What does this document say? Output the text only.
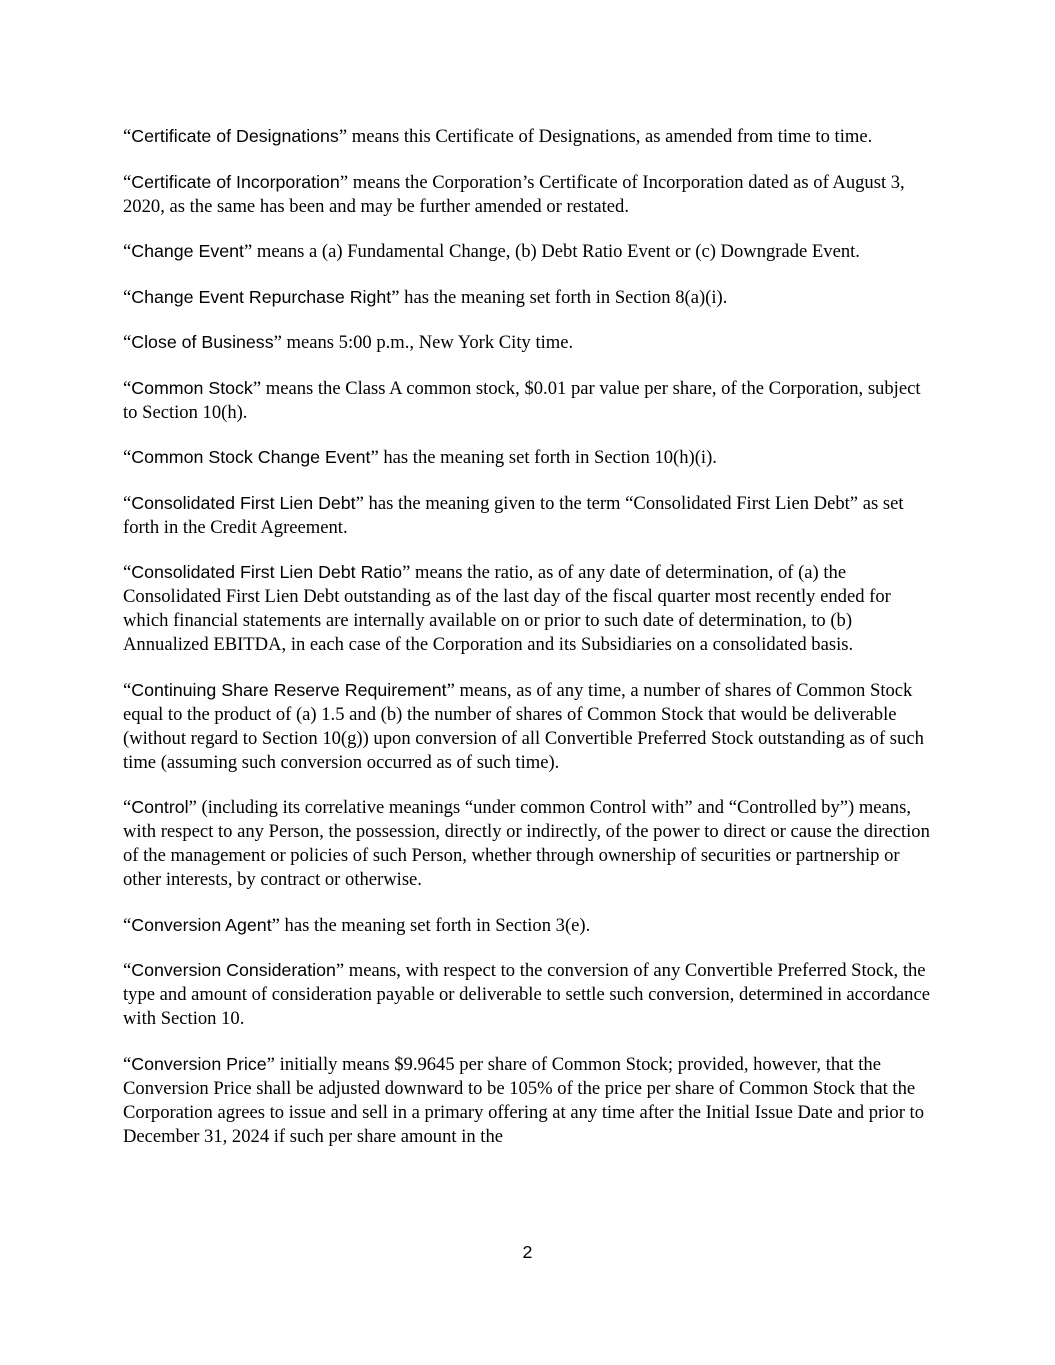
“Certificate of Designations” means this Certificate of Designations, as amended from time to time.

“Certificate of Incorporation” means the Corporation’s Certificate of Incorporation dated as of August 3, 2020, as the same has been and may be further amended or restated.

“Change Event” means a (a) Fundamental Change, (b) Debt Ratio Event or (c) Downgrade Event.

“Change Event Repurchase Right” has the meaning set forth in Section 8(a)(i).

“Close of Business” means 5:00 p.m., New York City time.

“Common Stock” means the Class A common stock, $0.01 par value per share, of the Corporation, subject to Section 10(h).

“Common Stock Change Event” has the meaning set forth in Section 10(h)(i).

“Consolidated First Lien Debt” has the meaning given to the term “Consolidated First Lien Debt” as set forth in the Credit Agreement.

“Consolidated First Lien Debt Ratio” means the ratio, as of any date of determination, of (a) the Consolidated First Lien Debt outstanding as of the last day of the fiscal quarter most recently ended for which financial statements are internally available on or prior to such date of determination, to (b) Annualized EBITDA, in each case of the Corporation and its Subsidiaries on a consolidated basis.

“Continuing Share Reserve Requirement” means, as of any time, a number of shares of Common Stock equal to the product of (a) 1.5 and (b) the number of shares of Common Stock that would be deliverable (without regard to Section 10(g)) upon conversion of all Convertible Preferred Stock outstanding as of such time (assuming such conversion occurred as of such time).

“Control” (including its correlative meanings “under common Control with” and “Controlled by”) means, with respect to any Person, the possession, directly or indirectly, of the power to direct or cause the direction of the management or policies of such Person, whether through ownership of securities or partnership or other interests, by contract or otherwise.

“Conversion Agent” has the meaning set forth in Section 3(e).

“Conversion Consideration” means, with respect to the conversion of any Convertible Preferred Stock, the type and amount of consideration payable or deliverable to settle such conversion, determined in accordance with Section 10.

“Conversion Price” initially means $9.9645 per share of Common Stock; provided, however, that the Conversion Price shall be adjusted downward to be 105% of the price per share of Common Stock that the Corporation agrees to issue and sell in a primary offering at any time after the Initial Issue Date and prior to December 31, 2024 if such per share amount in the

2
